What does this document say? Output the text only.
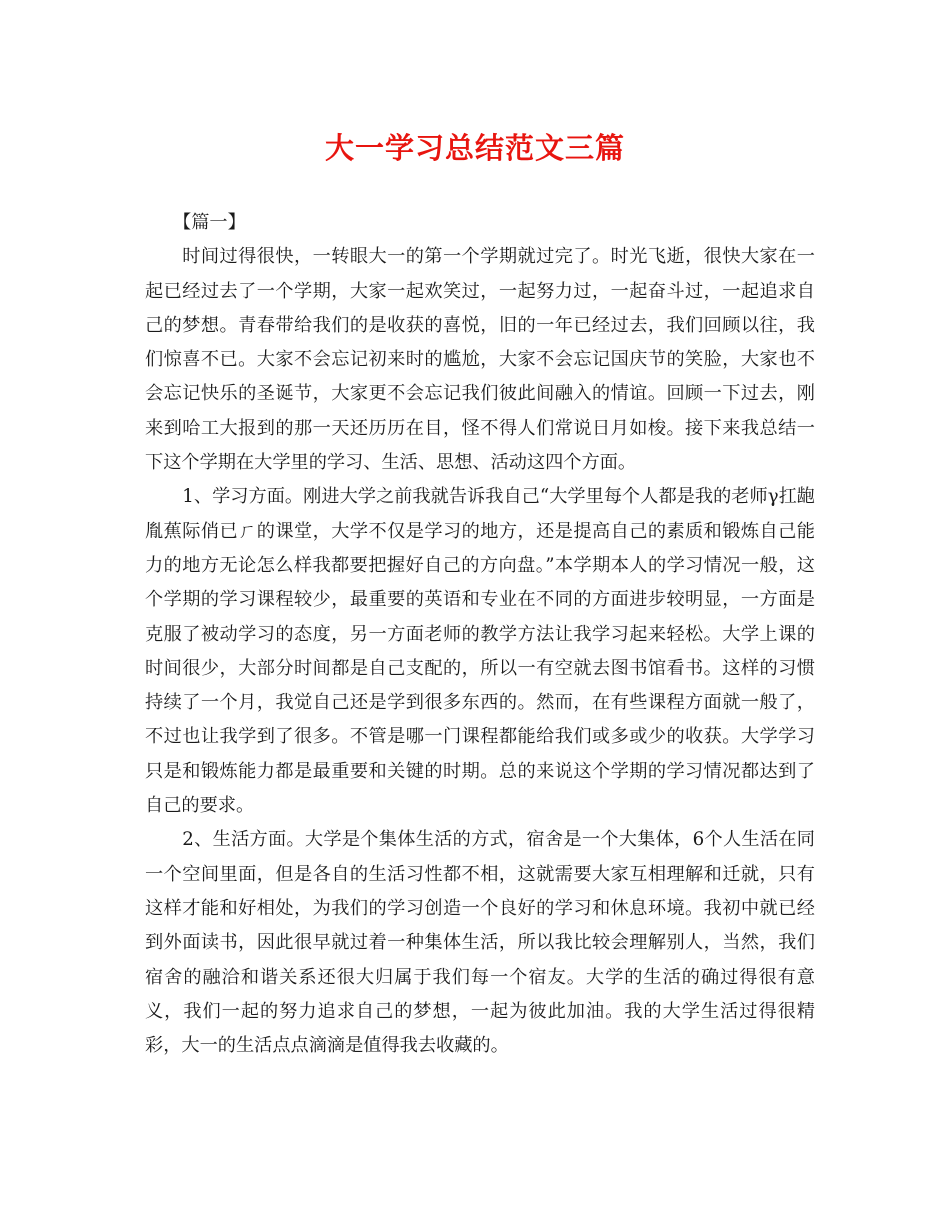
大一学习总结范文三篇

【篇一】

时间过得很快，一转眼大一的第一个学期就过完了。时光飞逝，很快大家在一起已经过去了一个学期，大家一起欢笑过，一起努力过，一起奋斗过，一起追求自己的梦想。青春带给我们的是收获的喜悦，旧的一年已经过去，我们回顾以往，我们惊喜不已。大家不会忘记初来时的尴尬，大家不会忘记国庆节的笑脸，大家也不会忘记快乐的圣诞节，大家更不会忘记我们彼此间融入的情谊。回顾一下过去，刚来到哈工大报到的那一天还历历在目，怪不得人们常说日月如梭。接下来我总结一下这个学期在大学里的学习、生活、思想、活动这四个方面。

1、学习方面。刚进大学之前我就告诉我自己“大学里每个人都是我的老师γ扛龅胤蕉际俏已ㄏ的课堂，大学不仅是学习的地方，还是提高自己的素质和锻炼自己能力的地方无论怎么样我都要把握好自己的方向盘。”本学期本人的学习情况一般，这个学期的学习课程较少，最重要的英语和专业在不同的方面进步较明显，一方面是克服了被动学习的态度，另一方面老师的教学方法让我学习起来轻松。大学上课的时间很少，大部分时间都是自己支配的，所以一有空就去图书馆看书。这样的习惯持续了一个月，我觉自己还是学到很多东西的。然而，在有些课程方面就一般了，不过也让我学到了很多。不管是哪一门课程都能给我们或多或少的收获。大学学习只是和锻炼能力都是最重要和关键的时期。总的来说这个学期的学习情况都达到了自己的要求。

2、生活方面。大学是个集体生活的方式，宿舍是一个大集体，6个人生活在同一个空间里面，但是各自的生活习性都不相，这就需要大家互相理解和迁就，只有这样才能和好相处，为我们的学习创造一个良好的学习和休息环境。我初中就已经到外面读书，因此很早就过着一种集体生活，所以我比较会理解别人，当然，我们宿舍的融洽和谐关系还很大归属于我们每一个宿友。大学的生活的确过得很有意义，我们一起的努力追求自己的梦想，一起为彼此加油。我的大学生活过得很精彩，大一的生活点点滴滴是值得我去收藏的。
